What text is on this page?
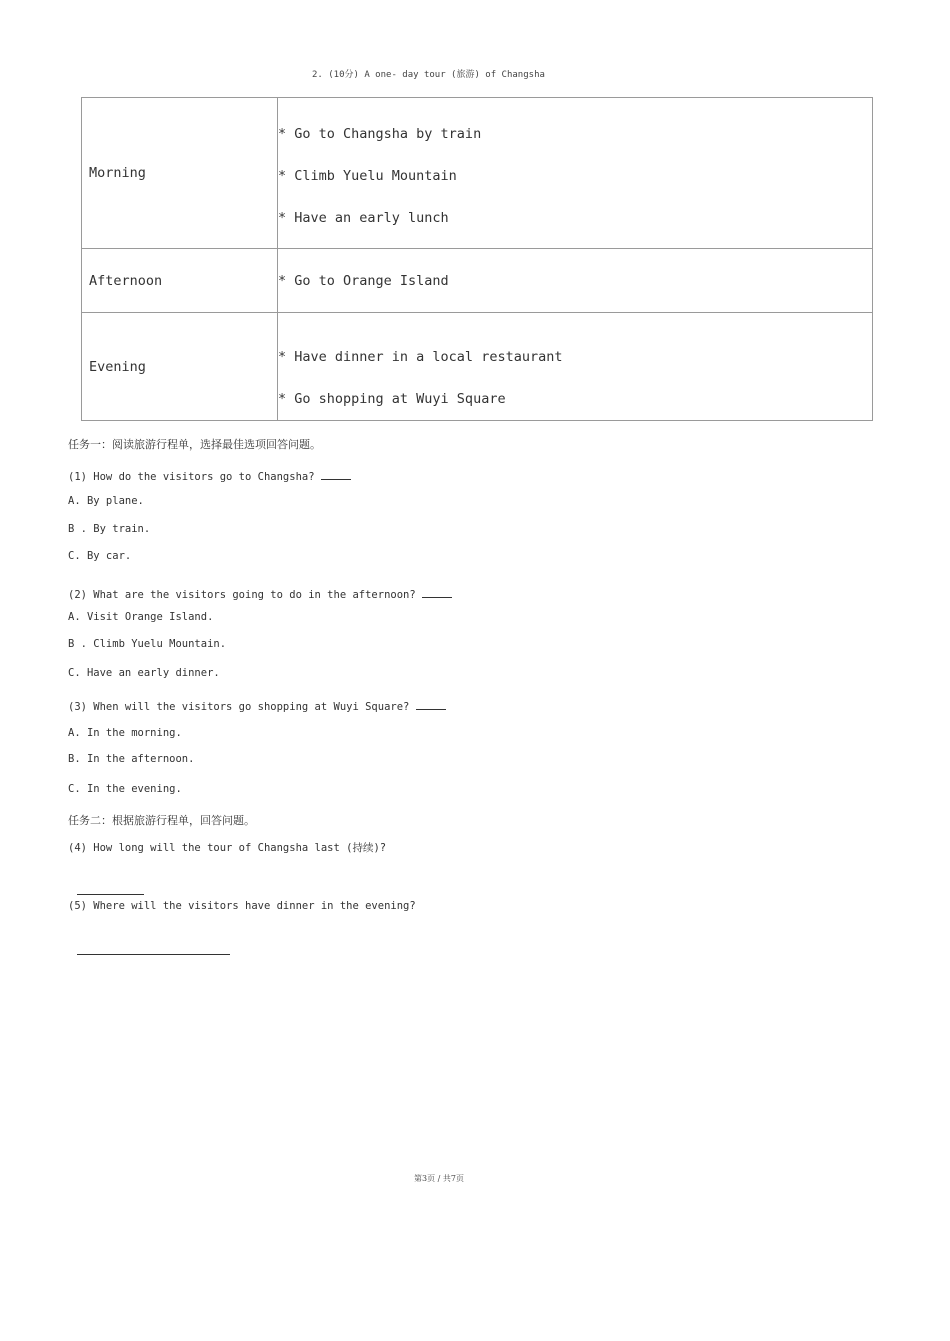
2. (10分) A one- day tour (旅游) of Changsha
Morning	* Go to Changsha by train
* Climb Yuelu Mountain
* Have an early lunch

Afternoon	* Go to Orange Island

Evening	* Have dinner in a local restaurant
* Go shopping at Wuyi Square
任务一：阅读旅游行程单，选择最佳选项回答问题。
(1) How do the visitors go to Changsha?
A. By plane.
B . By train.
C. By car.
(2) What are the visitors going to do in the afternoon?
A. Visit Orange Island.
B . Climb Yuelu Mountain.
C. Have an early dinner.
(3) When will the visitors go shopping at Wuyi Square?
A. In the morning.
B. In the afternoon.
C. In the evening.
任务二：根据旅游行程单，回答问题。
(4) How long will the tour of Changsha last (持续)?
(5) Where will the visitors have dinner in the evening?
第3页 / 共7页
